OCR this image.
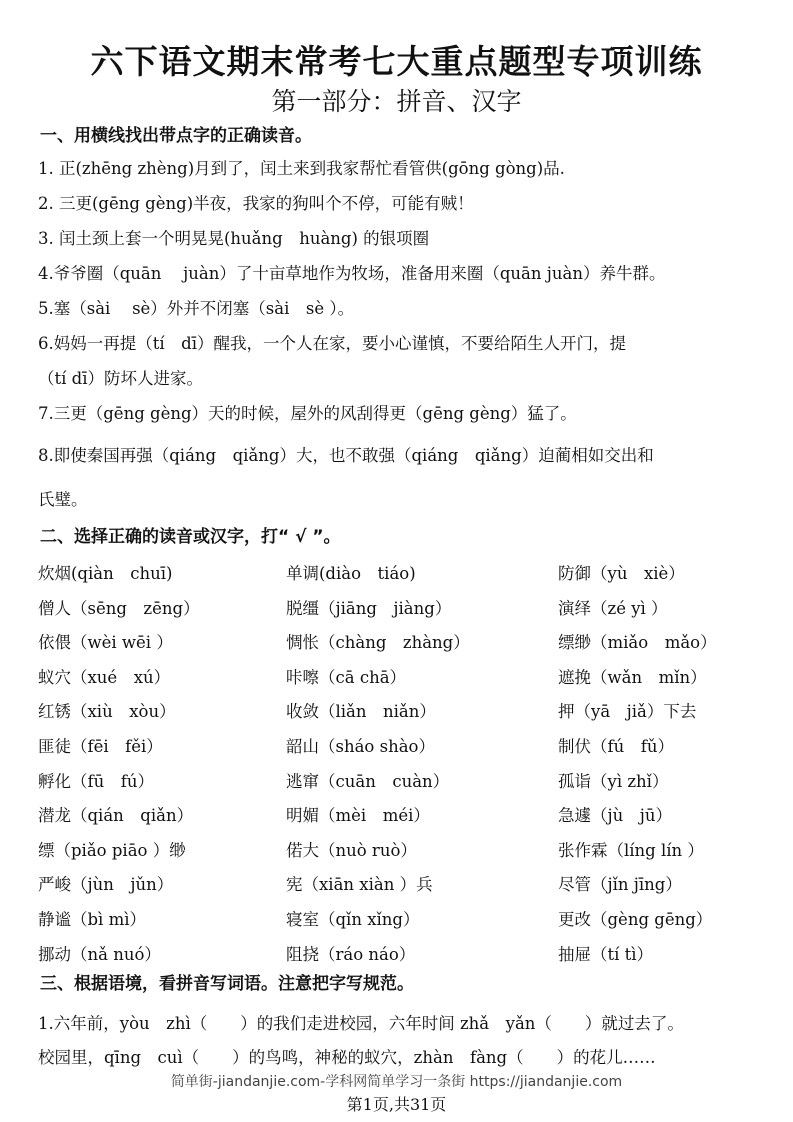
六下语文期末常考七大重点题型专项训练
第一部分：拼音、汉字
一、用横线找出带点字的正确读音。
1. 正(zhēng zhèng)月到了，闰土来到我家帮忙看管供(gōng gòng)品.
2. 三更(gēng gèng)半夜，我家的狗叫个不停，可能有贼！
3. 闰土颈上套一个明晃晃(huǎng　huàng) 的银项圈
4.爷爷圈（quān　 juàn）了十亩草地作为牧场，准备用来圈（quān juàn）养牛群。
5.塞（sài　 sè）外并不闭塞（sài　sè ）。
6.妈妈一再提（tí　dī）醒我，一个人在家，要小心谨慎，不要给陌生人开门，提
（tí dī）防坏人进家。
7.三更（gēng gèng）天的时候，屋外的风刮得更（gēng gèng）猛了。
8.即使秦国再强（qiáng　qiǎng）大，也不敢强（qiáng　qiǎng）迫蔺相如交出和
氏璧。
二、选择正确的读音或汉字，打“ √ ”。
炊烟(qiàn　chuī)
僧人（sēng　zēng）
依偎（wèi wēi ）
蚁穴（xué　xú）
红锈（xiù　xòu）
匪徒（fēi　fěi）
孵化（fū　fú）
潜龙（qián　qiǎn）
缥（piǎo piāo ）缈
严峻（jùn　jǔn）
静谧（bì mì）
挪动（nǎ nuó）
单调(diào　tiáo)
脱缰（jiāng　jiàng）
惆怅（chàng　zhàng）
咔嚓（cā chā）
收敛（liǎn　niǎn）
韶山（sháo shào）
逃窜（cuān　cuàn）
明媚（mèi　méi）
偌大（nuò ruò）
宪（xiān xiàn ）兵
寝室（qǐn xǐng）
阻挠（ráo náo）
防御（yù　xiè）
演绎（zé yì ）
缥缈（miǎo　mǎo）
遮挽（wǎn　mǐn）
押（yā　jiǎ）下去
制伏（fú　fǔ）
孤诣（yì zhǐ）
急遽（jù　jū）
张作霖（líng lín ）
尽管（jǐn jīng）
更改（gèng gēng）
抽屉（tí tì）
三、根据语境，看拼音写词语。注意把字写规范。
1.六年前，yòu　zhì（　　）的我们走进校园，六年时间 zhǎ　yǎn（　　）就过去了。
校园里，qīng　cuì（　　）的鸟鸣，神秘的蚁穴，zhàn　fàng（　　）的花儿……
简单街-jiandanjie.com-学科网简单学习一条街 https://jiandanjie.com
第1页,共31页
